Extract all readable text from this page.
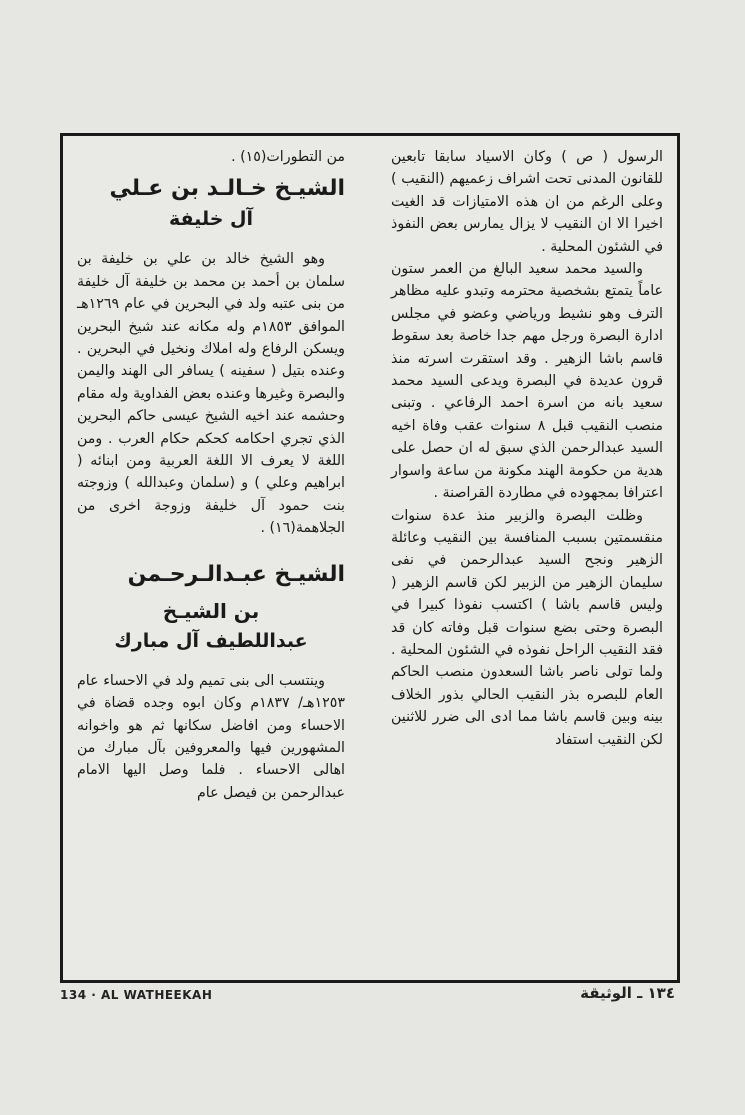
الرسول ( ص ) وكان الاسياد سابقا تابعين للقانون المدنى تحت اشراف زعميهم (النقيب ) وعلى الرغم من ان هذه الامتيازات قد الغيت اخيرا الا ان النقيب لا يزال يمارس بعض النفوذ في الشئون المحلية .

والسيد محمد سعيد البالغ من العمر ستون عاماً يتمتع بشخصية محترمه وتبدو عليه مظاهر الترف وهو نشيط ورياضي وعضو في مجلس ادارة البصرة ورجل مهم جدا خاصة بعد سقوط قاسم باشا الزهير . وقد استقرت اسرته منذ قرون عديدة في البصرة ويدعى السيد محمد سعيد بانه من اسرة احمد الرفاعي . وتبنى منصب النقيب قبل ٨ سنوات عقب وفاة اخيه السيد عبدالرحمن الذي سبق له ان حصل على هدية من حكومة الهند مكونة من ساعة واسوار اعترافا بمجهوده في مطاردة القراصنة .

وظلت البصرة والزبير منذ عدة سنوات منقسمتين بسبب المنافسة بين النقيب وعائلة الزهير ونجح السيد عبدالرحمن في نفى سليمان الزهير من الزبير لكن قاسم الزهير ( وليس قاسم باشا ) اكتسب نفوذا كبيرا في البصرة وحتى بضع سنوات قبل وفاته كان قد فقد النقيب الراحل نفوذه في الشئون المحلية . ولما تولى ناصر باشا السعدون منصب الحاكم العام للبصره بذر النقيب الحالي بذور الخلاف بينه وبين قاسم باشا مما ادى الى ضرر للاثنين لكن النقيب استفاد

من التطورات(١٥) .

الشيـخ خـالـد بن عـلي
آل خليفة

وهو الشيخ خالد بن علي بن خليفة بن سلمان بن أحمد بن محمد بن خليفة آل خليفة من بنى عتبه ولد في البحرين في عام ١٢٦٩هـ الموافق ١٨٥٣م وله مكانه عند شيخ البحرين ويسكن الرفاع وله املاك ونخيل في البحرين . وعنده بتيل ( سفينه ) يسافر الى الهند واليمن والبصرة وغيرها وعنده بعض الفداوية وله مقام وحشمه عند اخيه الشيخ عيسى حاكم البحرين الذي تجري احكامه كحكم حكام العرب . ومن اللغة لا يعرف الا اللغة العربية ومن ابنائه ( ابراهيم وعلي ) و (سلمان وعبدالله ) وزوجته بنت حمود آل خليفة وزوجة اخرى من الجلاهمة(١٦) .

الشيـخ عبـدالـرحـمن
بن الشيـخ
عبداللطيف آل مبارك

وينتسب الى بنى تميم ولد في الاحساء عام ١٢٥٣هـ/ ١٨٣٧م وكان ابوه وجده قضاة في الاحساء ومن افاضل سكانها ثم هو واخوانه المشهورين فيها والمعروفين بآل مبارك من اهالى الاحساء . فلما وصل اليها الامام عبدالرحمن بن فيصل عام

134 · AL WATHEEKAH	١٣٤ ـ الوثيقة
